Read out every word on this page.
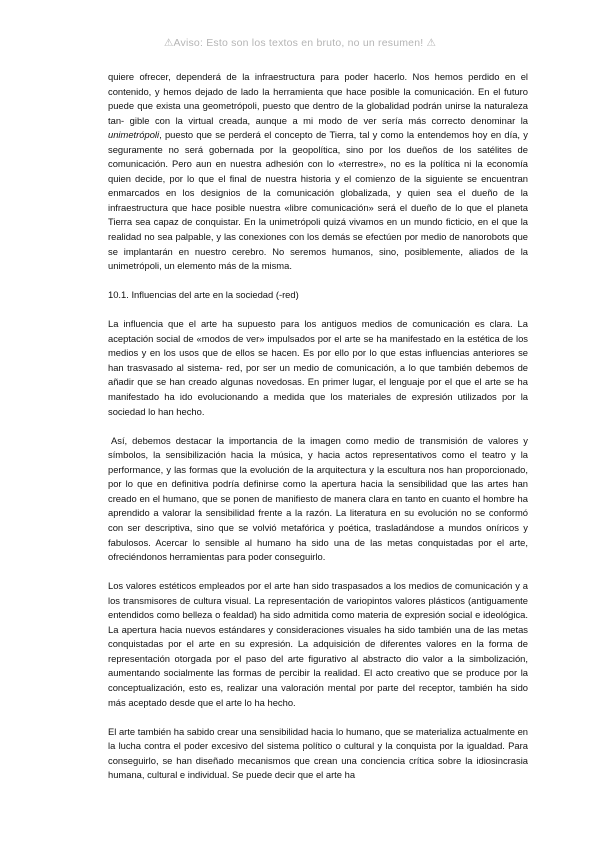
⚠Aviso: Esto son los textos en bruto, no un resumen! ⚠

quiere ofrecer, dependerá de la infraestructura para poder hacerlo. Nos hemos perdido en el contenido, y hemos dejado de lado la herramienta que hace posible la comunicación. En el futuro puede que exista una geometrópoli, puesto que dentro de la globalidad podrán unirse la naturaleza tan- gible con la virtual creada, aunque a mi modo de ver sería más correcto denominar la unimetrópoli, puesto que se perderá el concepto de Tierra, tal y como la entendemos hoy en día, y seguramente no será gobernada por la geopolítica, sino por los dueños de los satélites de comunicación. Pero aun en nuestra adhesión con lo «terrestre», no es la política ni la economía quien decide, por lo que el final de nuestra historia y el comienzo de la siguiente se encuentran enmarcados en los designios de la comunicación globalizada, y quien sea el dueño de la infraestructura que hace posible nuestra «libre comunicación» será el dueño de lo que el planeta Tierra sea capaz de conquistar. En la unimetrópoli quizá vivamos en un mundo ficticio, en el que la realidad no sea palpable, y las conexiones con los demás se efectúen por medio de nanorobots que se implantarán en nuestro cerebro. No seremos humanos, sino, posiblemente, aliados de la unimetrópoli, un elemento más de la misma.

10.1. Influencias del arte en la sociedad (-red)

La influencia que el arte ha supuesto para los antiguos medios de comunicación es clara. La aceptación social de «modos de ver» impulsados por el arte se ha manifestado en la estética de los medios y en los usos que de ellos se hacen. Es por ello por lo que estas influencias anteriores se han trasvasado al sistema- red, por ser un medio de comunicación, a lo que también debemos de añadir que se han creado algunas novedosas. En primer lugar, el lenguaje por el que el arte se ha manifestado ha ido evolucionando a medida que los materiales de expresión utilizados por la sociedad lo han hecho.

Así, debemos destacar la importancia de la imagen como medio de transmisión de valores y símbolos, la sensibilización hacia la música, y hacia actos representativos como el teatro y la performance, y las formas que la evolución de la arquitectura y la escultura nos han proporcionado, por lo que en definitiva podría definirse como la apertura hacia la sensibilidad que las artes han creado en el humano, que se ponen de manifiesto de manera clara en tanto en cuanto el hombre ha aprendido a valorar la sensibilidad frente a la razón. La literatura en su evolución no se conformó con ser descriptiva, sino que se volvió metafórica y poética, trasladándose a mundos oníricos y fabulosos. Acercar lo sensible al humano ha sido una de las metas conquistadas por el arte, ofreciéndonos herramientas para poder conseguirlo.

Los valores estéticos empleados por el arte han sido traspasados a los medios de comunicación y a los transmisores de cultura visual. La representación de variopintos valores plásticos (antiguamente entendidos como belleza o fealdad) ha sido admitida como materia de expresión social e ideológica. La apertura hacia nuevos estándares y consideraciones visuales ha sido también una de las metas conquistadas por el arte en su expresión. La adquisición de diferentes valores en la forma de representación otorgada por el paso del arte figurativo al abstracto dio valor a la simbolización, aumentando socialmente las formas de percibir la realidad. El acto creativo que se produce por la conceptualización, esto es, realizar una valoración mental por parte del receptor, también ha sido más aceptado desde que el arte lo ha hecho.

El arte también ha sabido crear una sensibilidad hacia lo humano, que se materializa actualmente en la lucha contra el poder excesivo del sistema político o cultural y la conquista por la igualdad. Para conseguirlo, se han diseñado mecanismos que crean una conciencia crítica sobre la idiosincrasia humana, cultural e individual. Se puede decir que el arte ha
